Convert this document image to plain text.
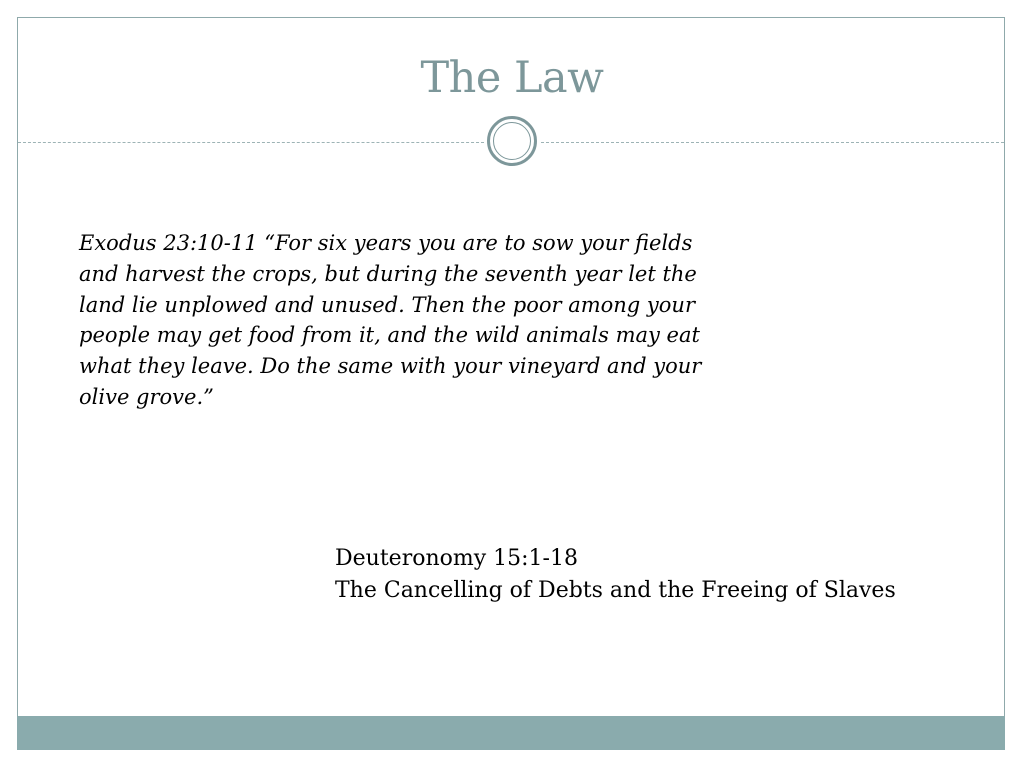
The Law
Exodus 23:10-11 “For six years you are to sow your fields
and harvest the crops, but during the seventh year let the
land lie unplowed and unused. Then the poor among your
people may get food from it, and the wild animals may eat
what they leave. Do the same with your vineyard and your
olive grove.”
Deuteronomy 15:1-18
The Cancelling of Debts and the Freeing of Slaves
